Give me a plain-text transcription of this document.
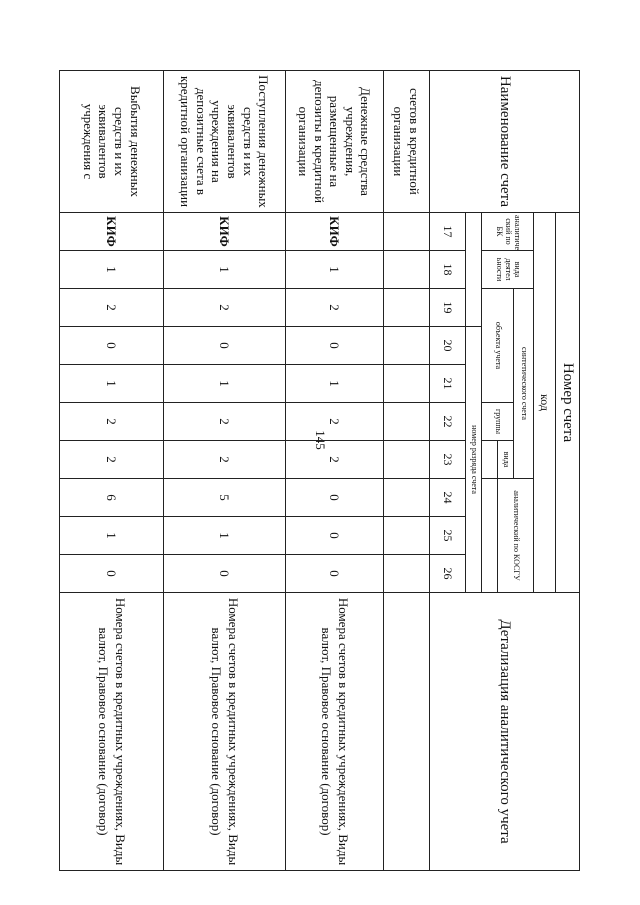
145
Наименование счета	Номер счета										Детализация аналитического учета
	код										
	аналитиче ский по БК	вида деятел ьности	синтетического счета					аналитический по КОСГУ			
			объекта учета			группы	вида				

				номер разряда счета							
	17	18	19	20	21	22	23	24	25	26	
счетов в кредитной организации											
Денежные средства учреждения, размещенные на депозиты в кредитной организации	КИФ	1	2	0	1	2	2	0	0	0	Номера счетов в кредитных учреждениях, Виды валют, Правовое основание (договор)
Поступления денежных средств и их эквивалентов учреждения на депозитные счета в кредитной организации	КИФ	1	2	0	1	2	2	5	1	0	Номера счетов в кредитных учреждениях, Виды валют, Правовое основание (договор)
Выбытия денежных средств и их эквивалентов учреждения с	КИФ	1	2	0	1	2	2	6	1	0	Номера счетов в кредитных учреждениях, Виды валют, Правовое основание (договор)
